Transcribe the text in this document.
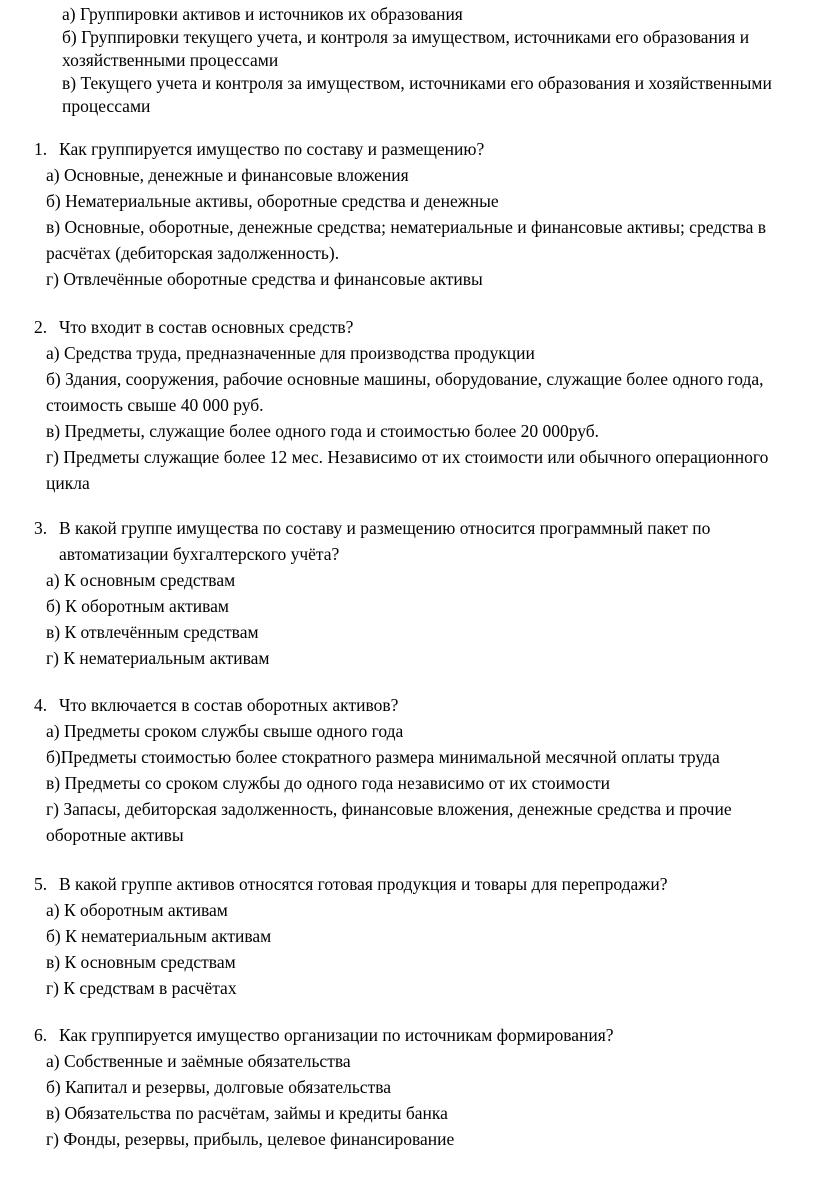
а) Группировки активов и источников их образования
б) Группировки текущего учета, и контроля за имуществом, источниками его образования и хозяйственными процессами
в) Текущего учета и контроля за имуществом, источниками его образования и хозяйственными процессами
1. Как группируется имущество по составу и размещению?
а) Основные, денежные и финансовые вложения
б) Нематериальные активы, оборотные средства и денежные
в) Основные, оборотные, денежные средства; нематериальные и финансовые активы; средства в расчётах (дебиторская задолженность).
г) Отвлечённые оборотные средства и финансовые активы
2. Что входит в состав основных средств?
а) Средства труда, предназначенные для производства продукции
б) Здания, сооружения, рабочие основные машины, оборудование, служащие более одного года, стоимость свыше 40 000 руб.
в) Предметы, служащие более одного года и стоимостью более 20 000руб.
г) Предметы служащие более 12 мес. Независимо от их стоимости или обычного операционного цикла
3. В какой группе имущества по составу и размещению относится программный пакет по автоматизации бухгалтерского учёта?
а) К основным средствам
б) К оборотным активам
в) К отвлечённым средствам
г) К нематериальным активам
4. Что включается в состав оборотных активов?
а) Предметы сроком службы свыше одного года
б)Предметы стоимостью более стократного размера минимальной месячной оплаты труда
в) Предметы со сроком службы до одного года независимо от их стоимости
г) Запасы, дебиторская задолженность, финансовые вложения, денежные средства и прочие оборотные активы
5. В какой группе активов относятся готовая продукция и товары для перепродажи?
а) К оборотным активам
б) К нематериальным активам
в) К основным средствам
г) К средствам в расчётах
6. Как группируется имущество организации по источникам формирования?
а) Собственные и заёмные обязательства
б) Капитал и резервы, долговые обязательства
в) Обязательства по расчётам, займы и кредиты банка
г) Фонды, резервы, прибыль, целевое финансирование
